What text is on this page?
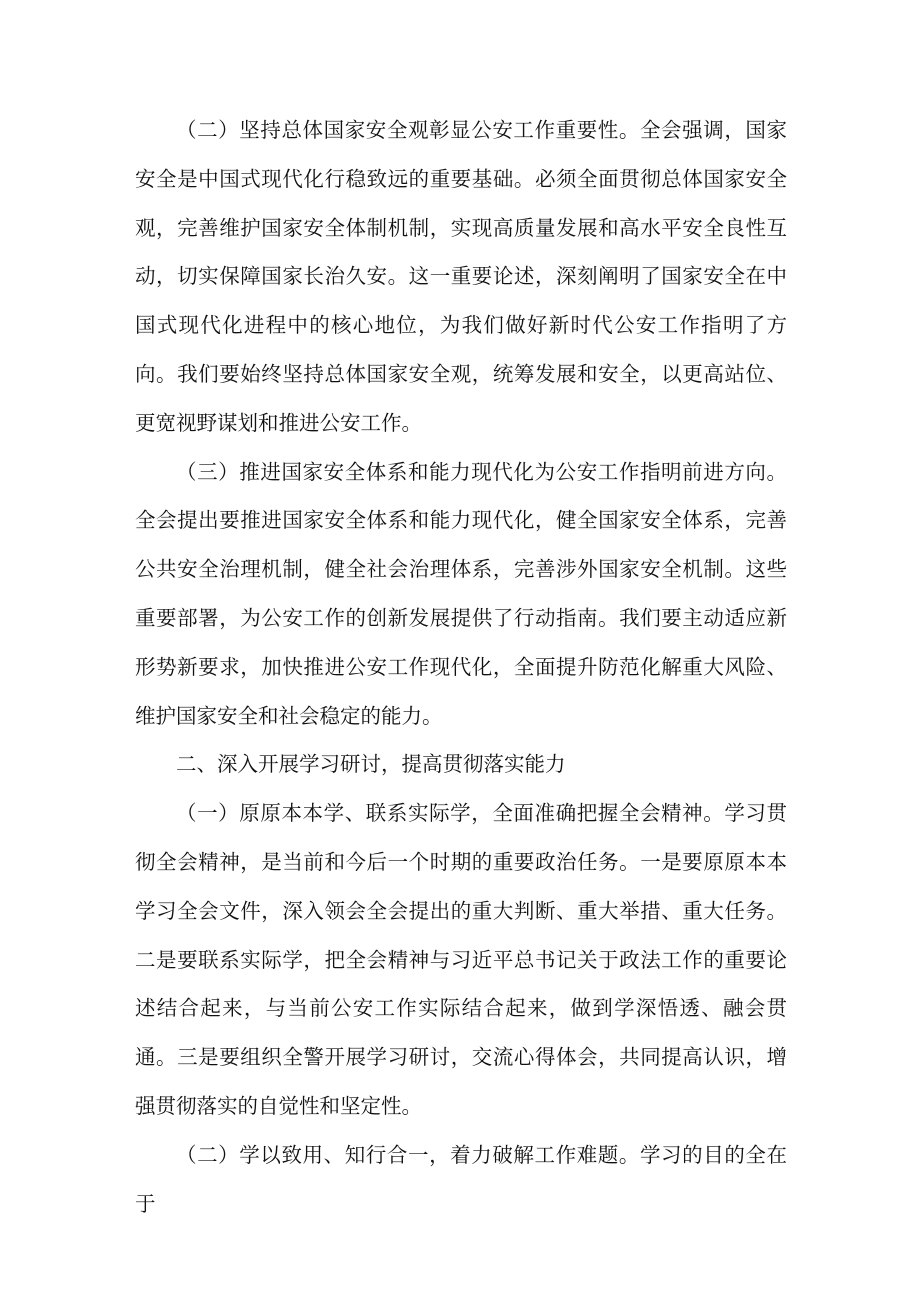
（二）坚持总体国家安全观彰显公安工作重要性。全会强调，国家安全是中国式现代化行稳致远的重要基础。必须全面贯彻总体国家安全观，完善维护国家安全体制机制，实现高质量发展和高水平安全良性互动，切实保障国家长治久安。这一重要论述，深刻阐明了国家安全在中国式现代化进程中的核心地位，为我们做好新时代公安工作指明了方向。我们要始终坚持总体国家安全观，统筹发展和安全，以更高站位、更宽视野谋划和推进公安工作。

（三）推进国家安全体系和能力现代化为公安工作指明前进方向。全会提出要推进国家安全体系和能力现代化，健全国家安全体系，完善公共安全治理机制，健全社会治理体系，完善涉外国家安全机制。这些重要部署，为公安工作的创新发展提供了行动指南。我们要主动适应新形势新要求，加快推进公安工作现代化，全面提升防范化解重大风险、维护国家安全和社会稳定的能力。

二、深入开展学习研讨，提高贯彻落实能力

（一）原原本本学、联系实际学，全面准确把握全会精神。学习贯彻全会精神，是当前和今后一个时期的重要政治任务。一是要原原本本学习全会文件，深入领会全会提出的重大判断、重大举措、重大任务。二是要联系实际学，把全会精神与习近平总书记关于政法工作的重要论述结合起来，与当前公安工作实际结合起来，做到学深悟透、融会贯通。三是要组织全警开展学习研讨，交流心得体会，共同提高认识，增强贯彻落实的自觉性和坚定性。

（二）学以致用、知行合一，着力破解工作难题。学习的目的全在于
